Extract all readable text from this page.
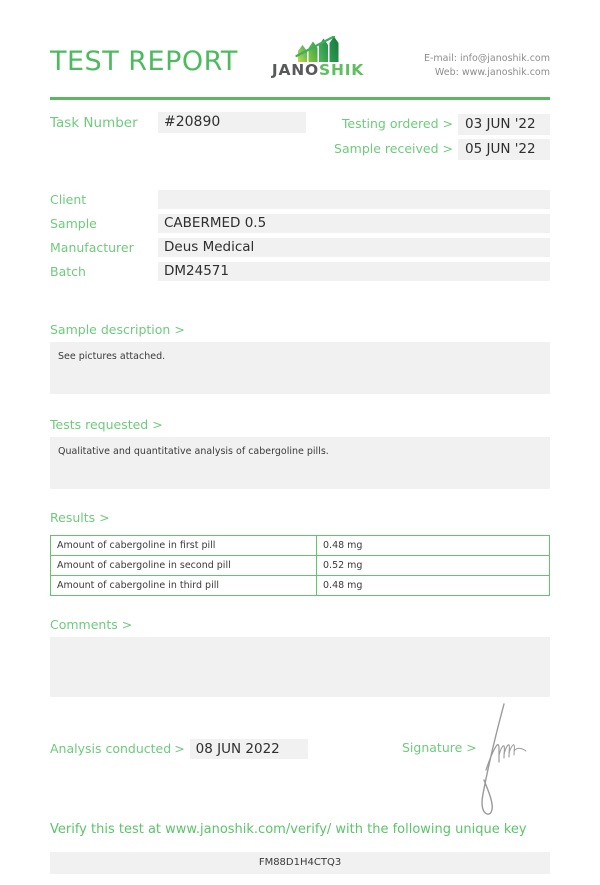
TEST REPORT	JANOSHIK
E-mail: info@janoshik.com
Web: www.janoshik.com
Task Number	#20890	Testing ordered > 03 JUN '22
Sample received > 05 JUN '22
Client
Sample	CABERMED 0.5
Manufacturer	Deus Medical
Batch	DM24571
Sample description >
See pictures attached.
Tests requested >
Qualitative and quantitative analysis of cabergoline pills.
Results >
Amount of cabergoline in first pill	0.48 mg
Amount of cabergoline in second pill	0.52 mg
Amount of cabergoline in third pill	0.48 mg
Comments >
Analysis conducted > 08 JUN 2022	Signature >
Verify this test at www.janoshik.com/verify/ with the following unique key
FM88D1H4CTQ3
